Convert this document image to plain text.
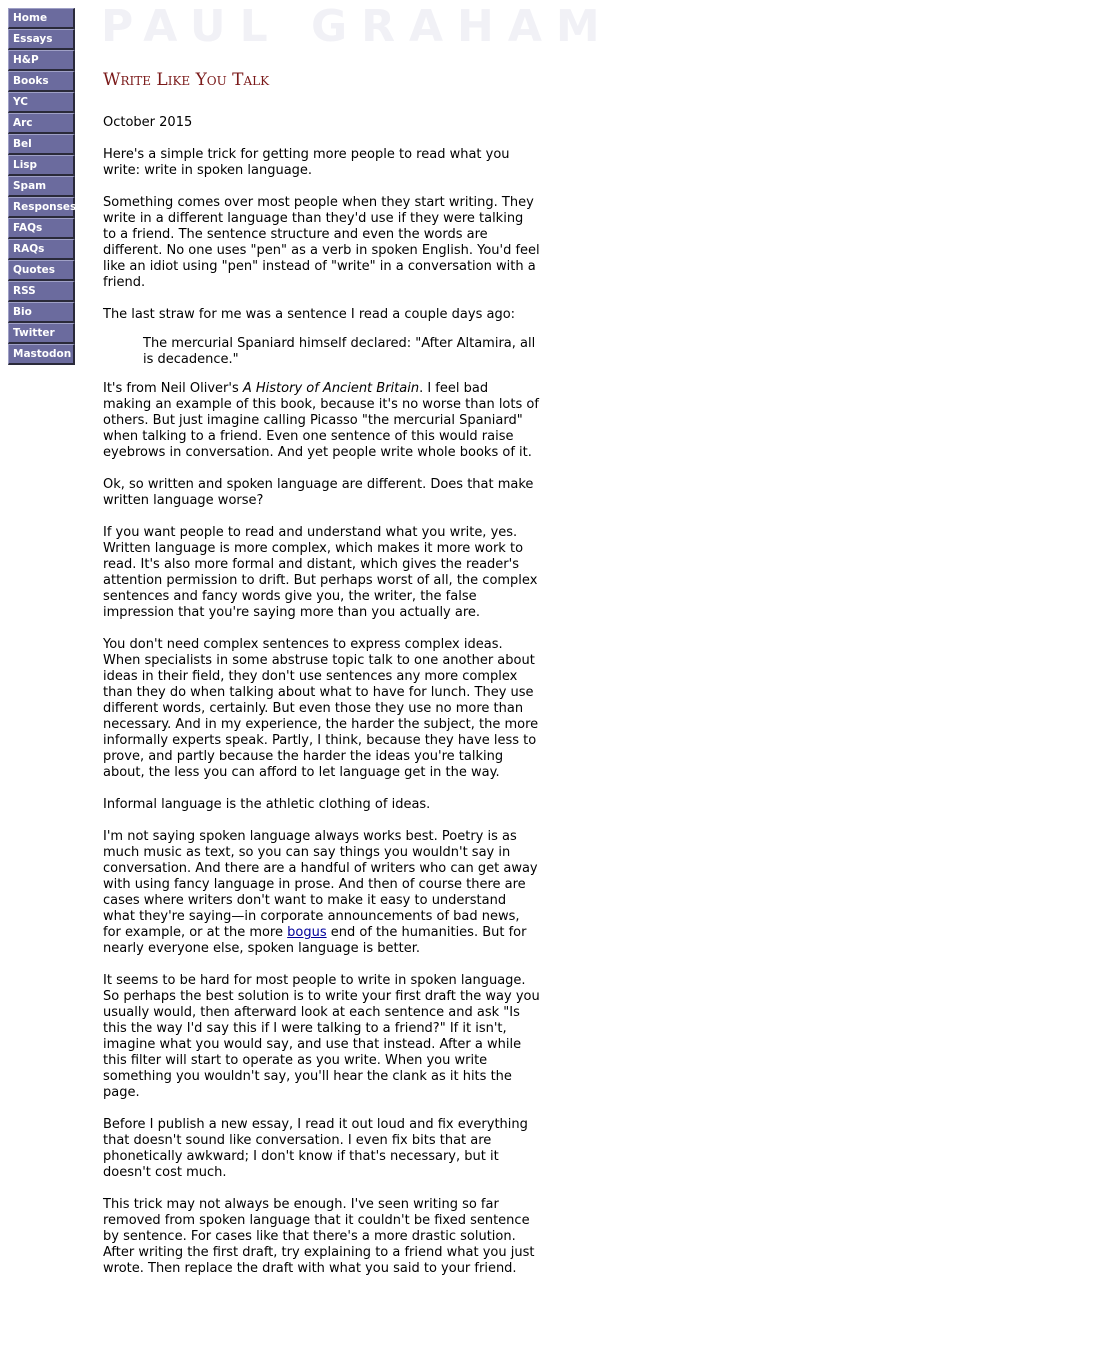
Home
Essays
H&P
Books
YC
Arc
Bel
Lisp
Spam
Responses
FAQs
RAQs
Quotes
RSS
Bio
Twitter
Mastodon
PAUL GRAHAM
Write Like You Talk

October 2015

Here's a simple trick for getting more people to read what you write: write in spoken language.

Something comes over most people when they start writing. They write in a different language than they'd use if they were talking to a friend. The sentence structure and even the words are different. No one uses "pen" as a verb in spoken English. You'd feel like an idiot using "pen" instead of "write" in a conversation with a friend.

The last straw for me was a sentence I read a couple days ago:

The mercurial Spaniard himself declared: "After Altamira, all is decadence."

It's from Neil Oliver's A History of Ancient Britain. I feel bad making an example of this book, because it's no worse than lots of others. But just imagine calling Picasso "the mercurial Spaniard" when talking to a friend. Even one sentence of this would raise eyebrows in conversation. And yet people write whole books of it.

Ok, so written and spoken language are different. Does that make written language worse?

If you want people to read and understand what you write, yes. Written language is more complex, which makes it more work to read. It's also more formal and distant, which gives the reader's attention permission to drift. But perhaps worst of all, the complex sentences and fancy words give you, the writer, the false impression that you're saying more than you actually are.

You don't need complex sentences to express complex ideas. When specialists in some abstruse topic talk to one another about ideas in their field, they don't use sentences any more complex than they do when talking about what to have for lunch. They use different words, certainly. But even those they use no more than necessary. And in my experience, the harder the subject, the more informally experts speak. Partly, I think, because they have less to prove, and partly because the harder the ideas you're talking about, the less you can afford to let language get in the way.

Informal language is the athletic clothing of ideas.

I'm not saying spoken language always works best. Poetry is as much music as text, so you can say things you wouldn't say in conversation. And there are a handful of writers who can get away with using fancy language in prose. And then of course there are cases where writers don't want to make it easy to understand what they're saying—in corporate announcements of bad news, for example, or at the more bogus end of the humanities. But for nearly everyone else, spoken language is better.

It seems to be hard for most people to write in spoken language. So perhaps the best solution is to write your first draft the way you usually would, then afterward look at each sentence and ask "Is this the way I'd say this if I were talking to a friend?" If it isn't, imagine what you would say, and use that instead. After a while this filter will start to operate as you write. When you write something you wouldn't say, you'll hear the clank as it hits the page.

Before I publish a new essay, I read it out loud and fix everything that doesn't sound like conversation. I even fix bits that are phonetically awkward; I don't know if that's necessary, but it doesn't cost much.

This trick may not always be enough. I've seen writing so far removed from spoken language that it couldn't be fixed sentence by sentence. For cases like that there's a more drastic solution. After writing the first draft, try explaining to a friend what you just wrote. Then replace the draft with what you said to your friend.
